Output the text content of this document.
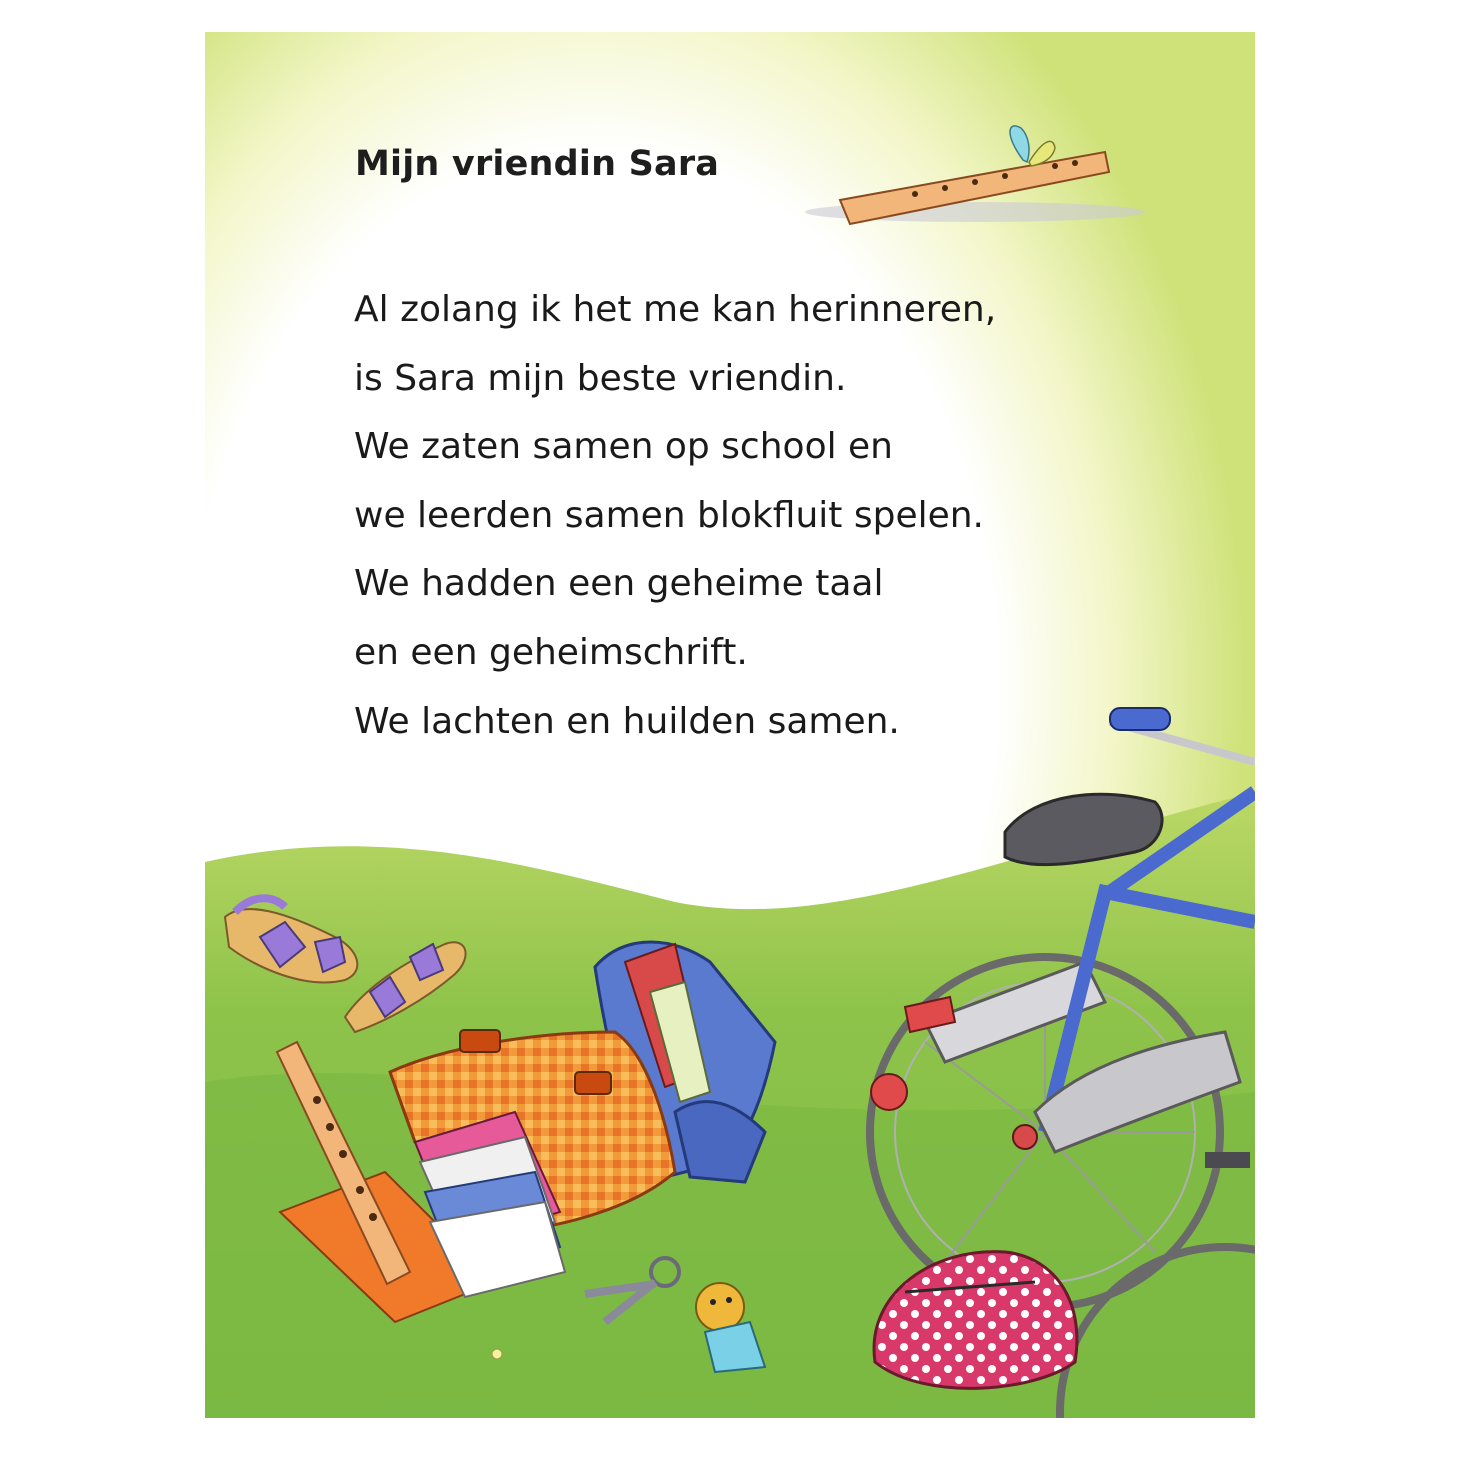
Mijn vriendin Sara
Al zolang ik het me kan herinneren,
is Sara mijn beste vriendin.
We zaten samen op school en
we leerden samen blokfluit spelen.
We hadden een geheime taal
en een geheimschrift.
We lachten en huilden samen.
